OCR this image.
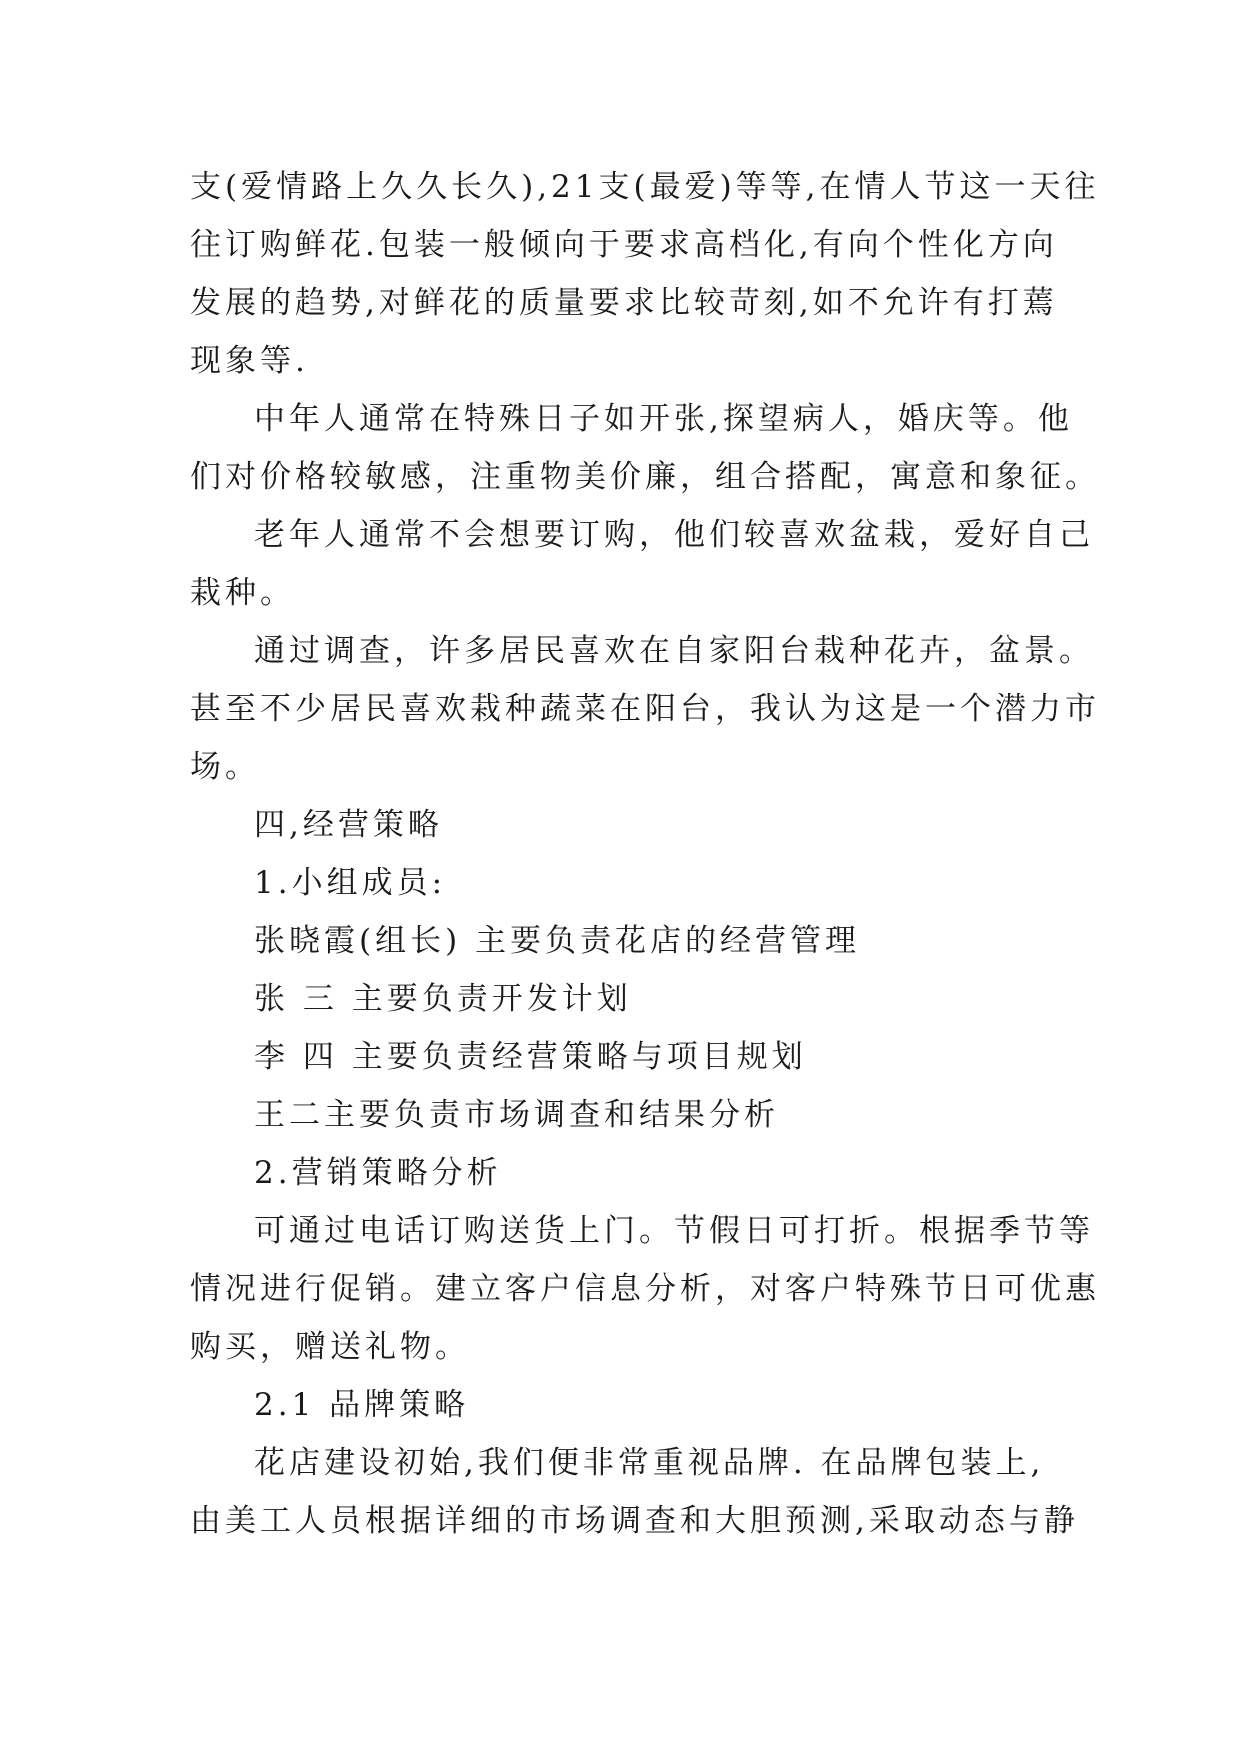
支(爱情路上久久长久),21支(最爱)等等,在情人节这一天往
往订购鲜花.包装一般倾向于要求高档化,有向个性化方向
发展的趋势,对鲜花的质量要求比较苛刻,如不允许有打蔫
现象等.
中年人通常在特殊日子如开张,探望病人，婚庆等。他
们对价格较敏感，注重物美价廉，组合搭配，寓意和象征。
老年人通常不会想要订购，他们较喜欢盆栽，爱好自己
栽种。
通过调查，许多居民喜欢在自家阳台栽种花卉，盆景。
甚至不少居民喜欢栽种蔬菜在阳台，我认为这是一个潜力市
场。
四,经营策略
1.小组成员:
张晓霞(组长) 主要负责花店的经营管理
张 三 主要负责开发计划
李 四 主要负责经营策略与项目规划
王二主要负责市场调查和结果分析
2.营销策略分析
可通过电话订购送货上门。节假日可打折。根据季节等
情况进行促销。建立客户信息分析，对客户特殊节日可优惠
购买，赠送礼物。
2.1 品牌策略
花店建设初始,我们便非常重视品牌. 在品牌包装上,
由美工人员根据详细的市场调查和大胆预测,采取动态与静
